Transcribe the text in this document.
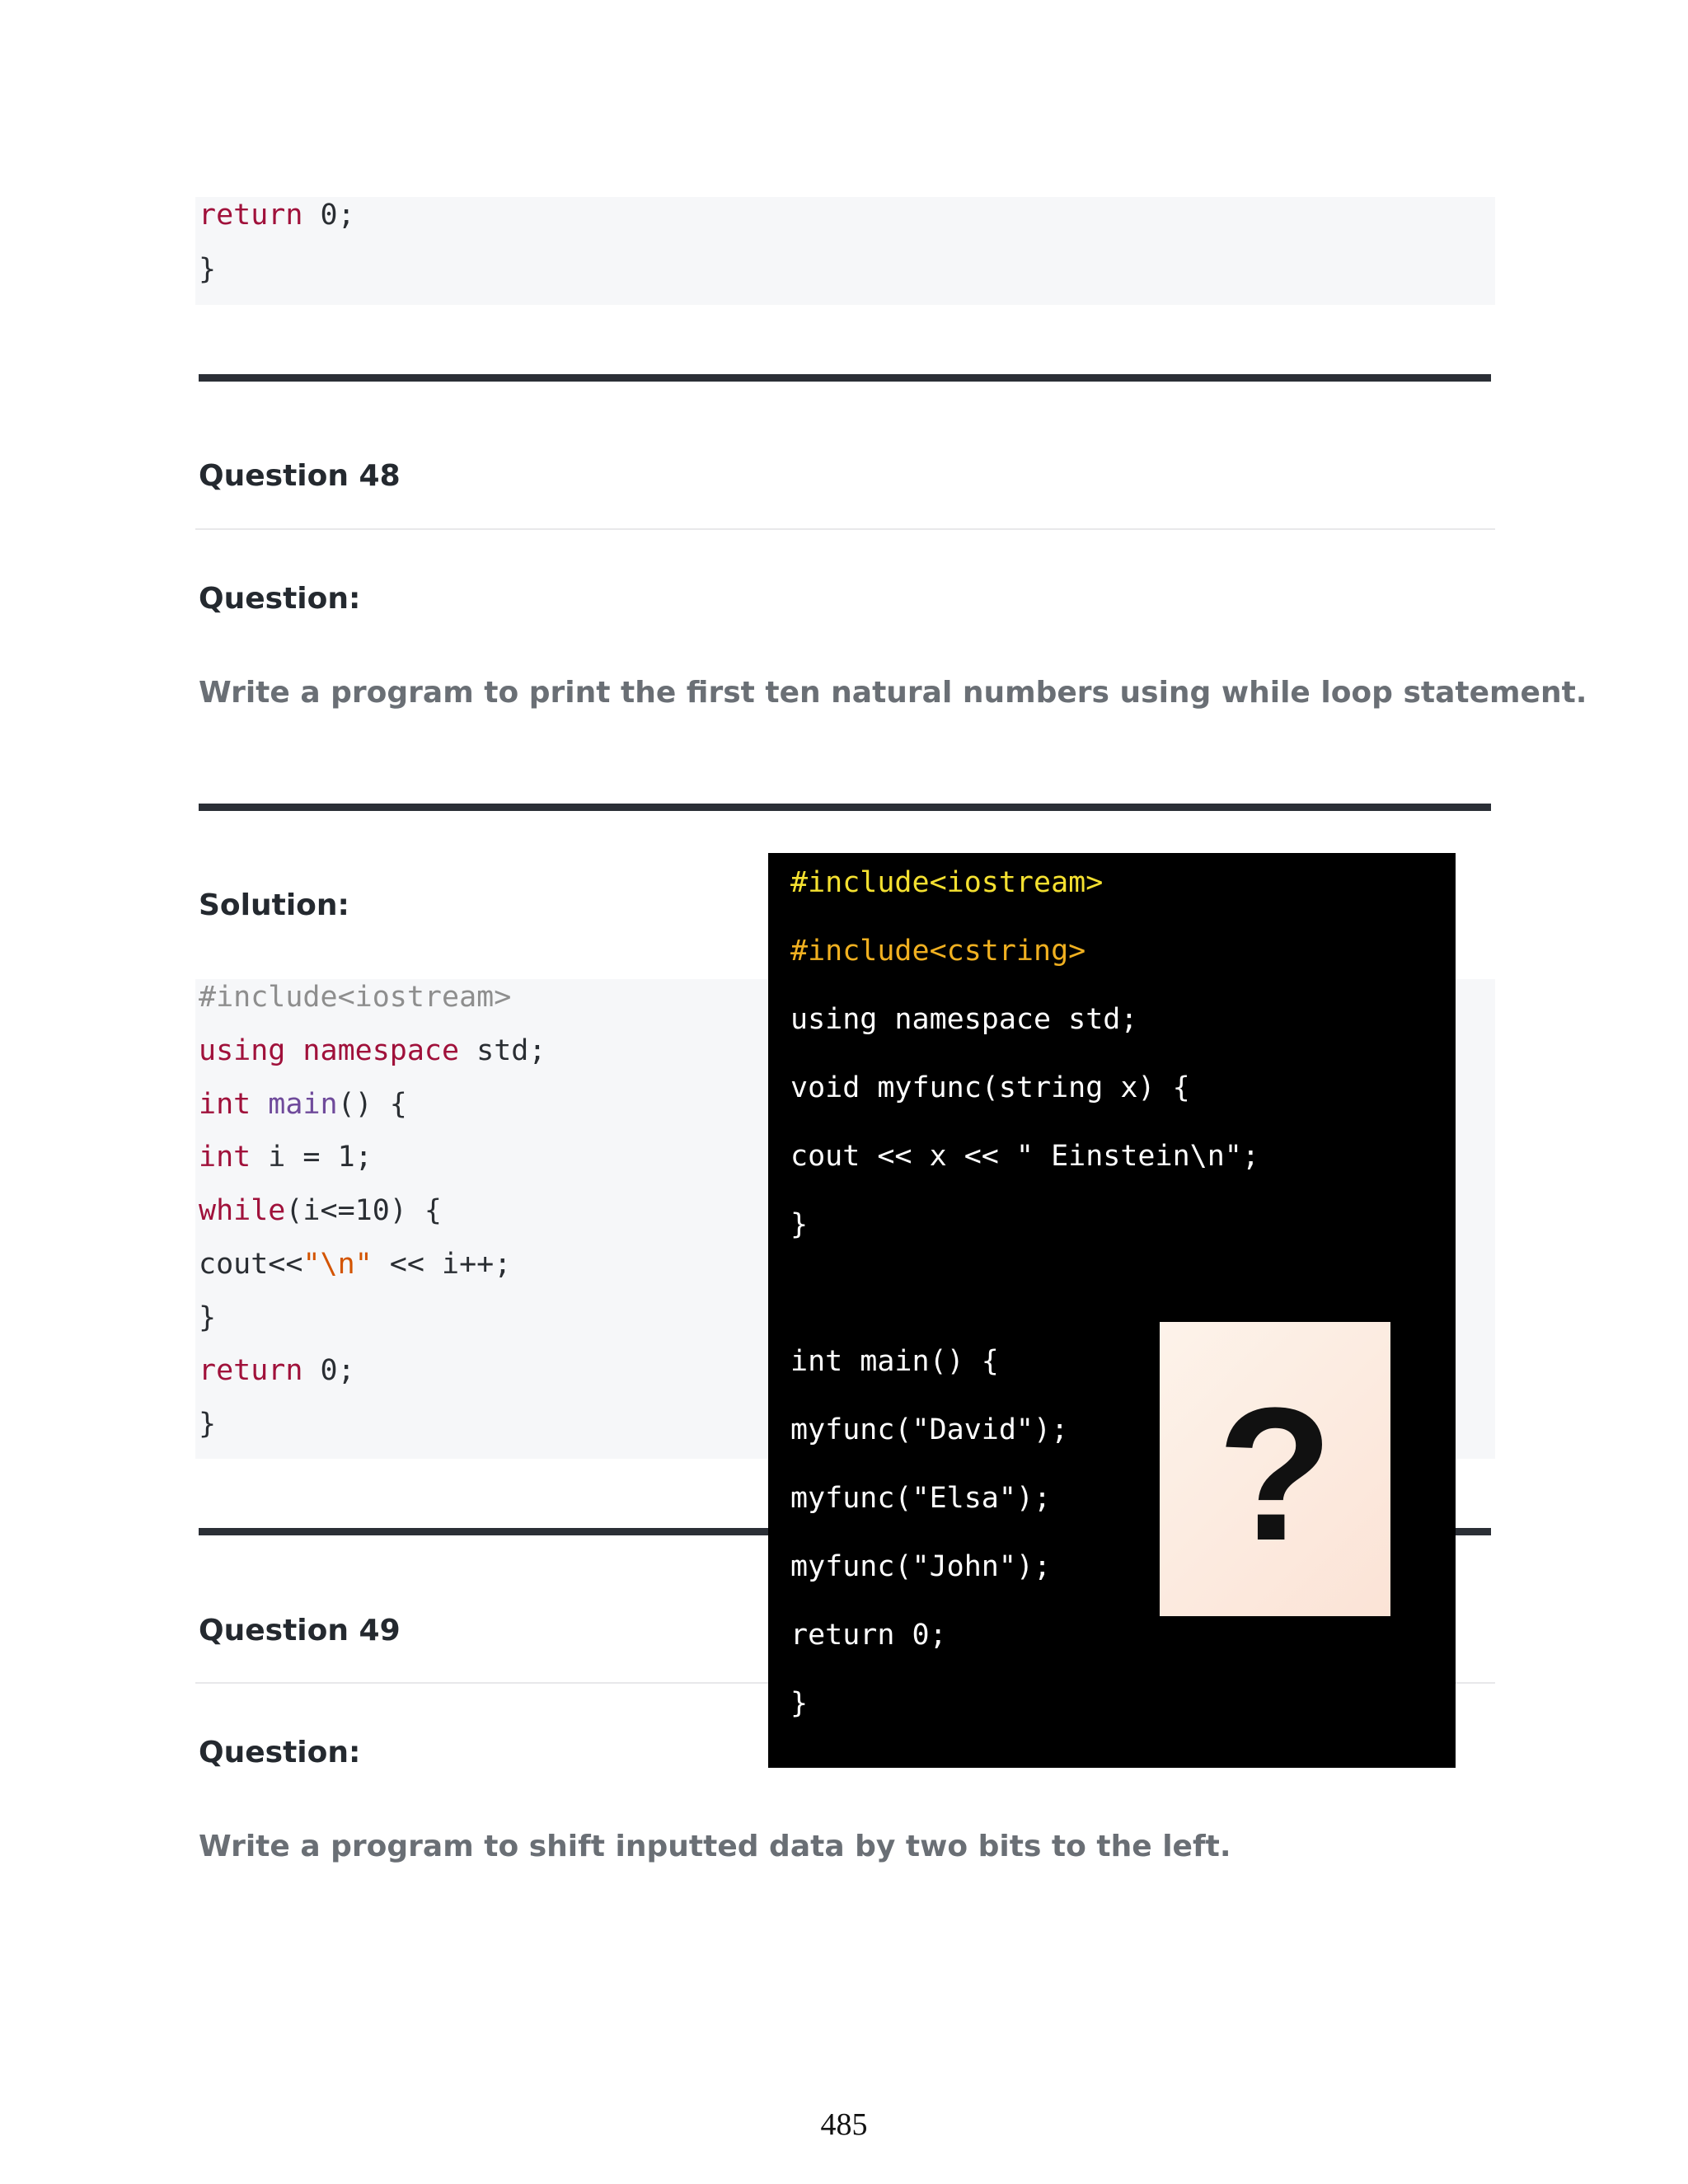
return 0;
}
Question 48
Question:
Write a program to print the first ten natural numbers using while loop statement.
Solution:
#include<iostream>
using namespace std;
int main() {
int i = 1;
while(i<=10) {
cout<<"\n" << i++;
}
return 0;
}
Question 49
Question:
Write a program to shift inputted data by two bits to the left.
#include<iostream>
#include<cstring>
using namespace std;
void myfunc(string x) {
cout << x << " Einstein\n";
}
int main() {
myfunc("David");
myfunc("Elsa");
myfunc("John");
return 0;
}
?
485
